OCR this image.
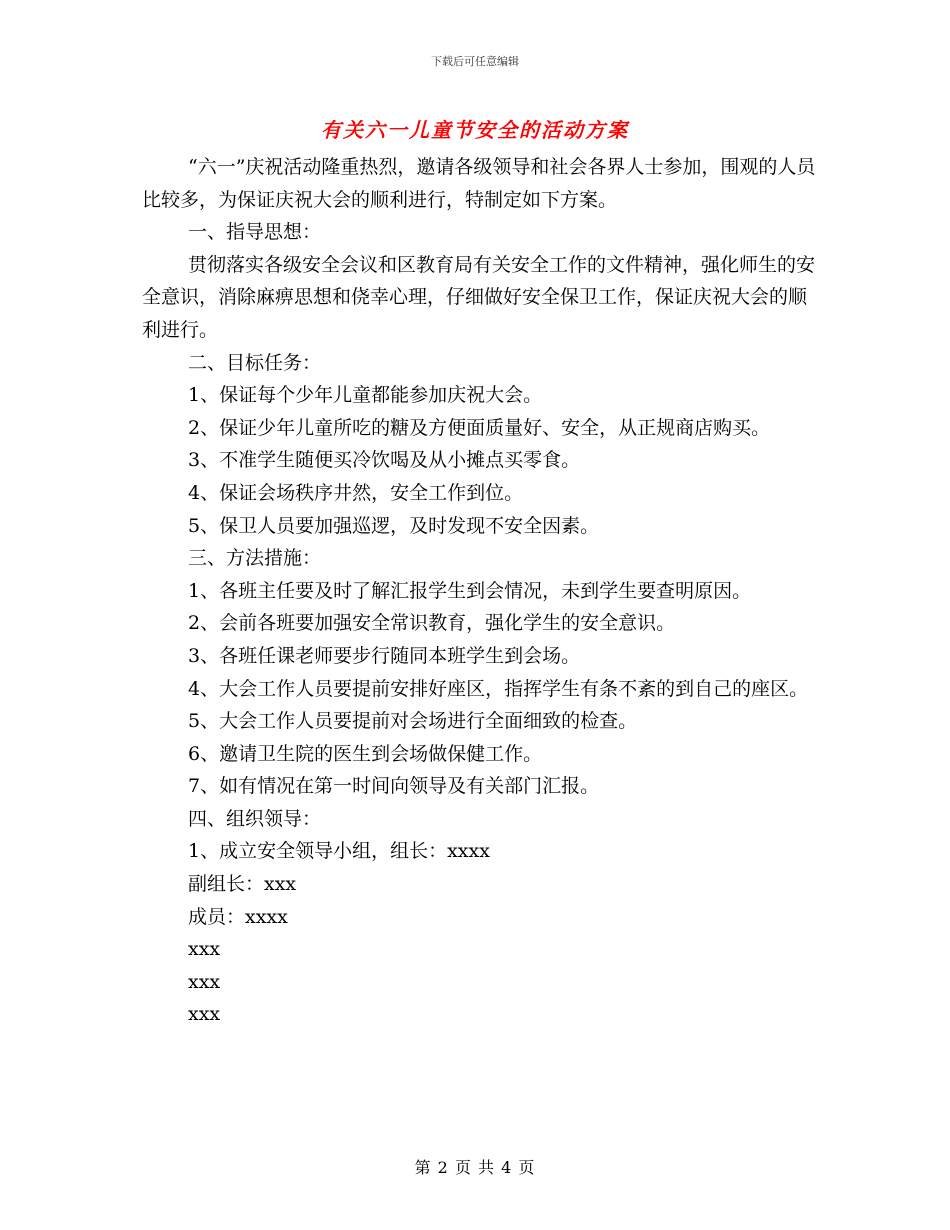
下载后可任意编辑
有关六一儿童节安全的活动方案

“六一”庆祝活动隆重热烈，邀请各级领导和社会各界人士参加，围观的人员比较多，为保证庆祝大会的顺利进行，特制定如下方案。

一、指导思想：

贯彻落实各级安全会议和区教育局有关安全工作的文件精神，强化师生的安全意识，消除麻痹思想和侥幸心理，仔细做好安全保卫工作，保证庆祝大会的顺利进行。

二、目标任务：

1、保证每个少年儿童都能参加庆祝大会。

2、保证少年儿童所吃的糖及方便面质量好、安全，从正规商店购买。

3、不准学生随便买冷饮喝及从小摊点买零食。

4、保证会场秩序井然，安全工作到位。

5、保卫人员要加强巡逻，及时发现不安全因素。

三、方法措施：

1、各班主任要及时了解汇报学生到会情况，未到学生要查明原因。

2、会前各班要加强安全常识教育，强化学生的安全意识。

3、各班任课老师要步行随同本班学生到会场。

4、大会工作人员要提前安排好座区，指挥学生有条不紊的到自己的座区。

5、大会工作人员要提前对会场进行全面细致的检查。

6、邀请卫生院的医生到会场做保健工作。

7、如有情况在第一时间向领导及有关部门汇报。

四、组织领导：

1、成立安全领导小组，组长：xxxx

副组长：xxx

成员：xxxx

xxx

xxx

xxx

第 2 页 共 4 页
